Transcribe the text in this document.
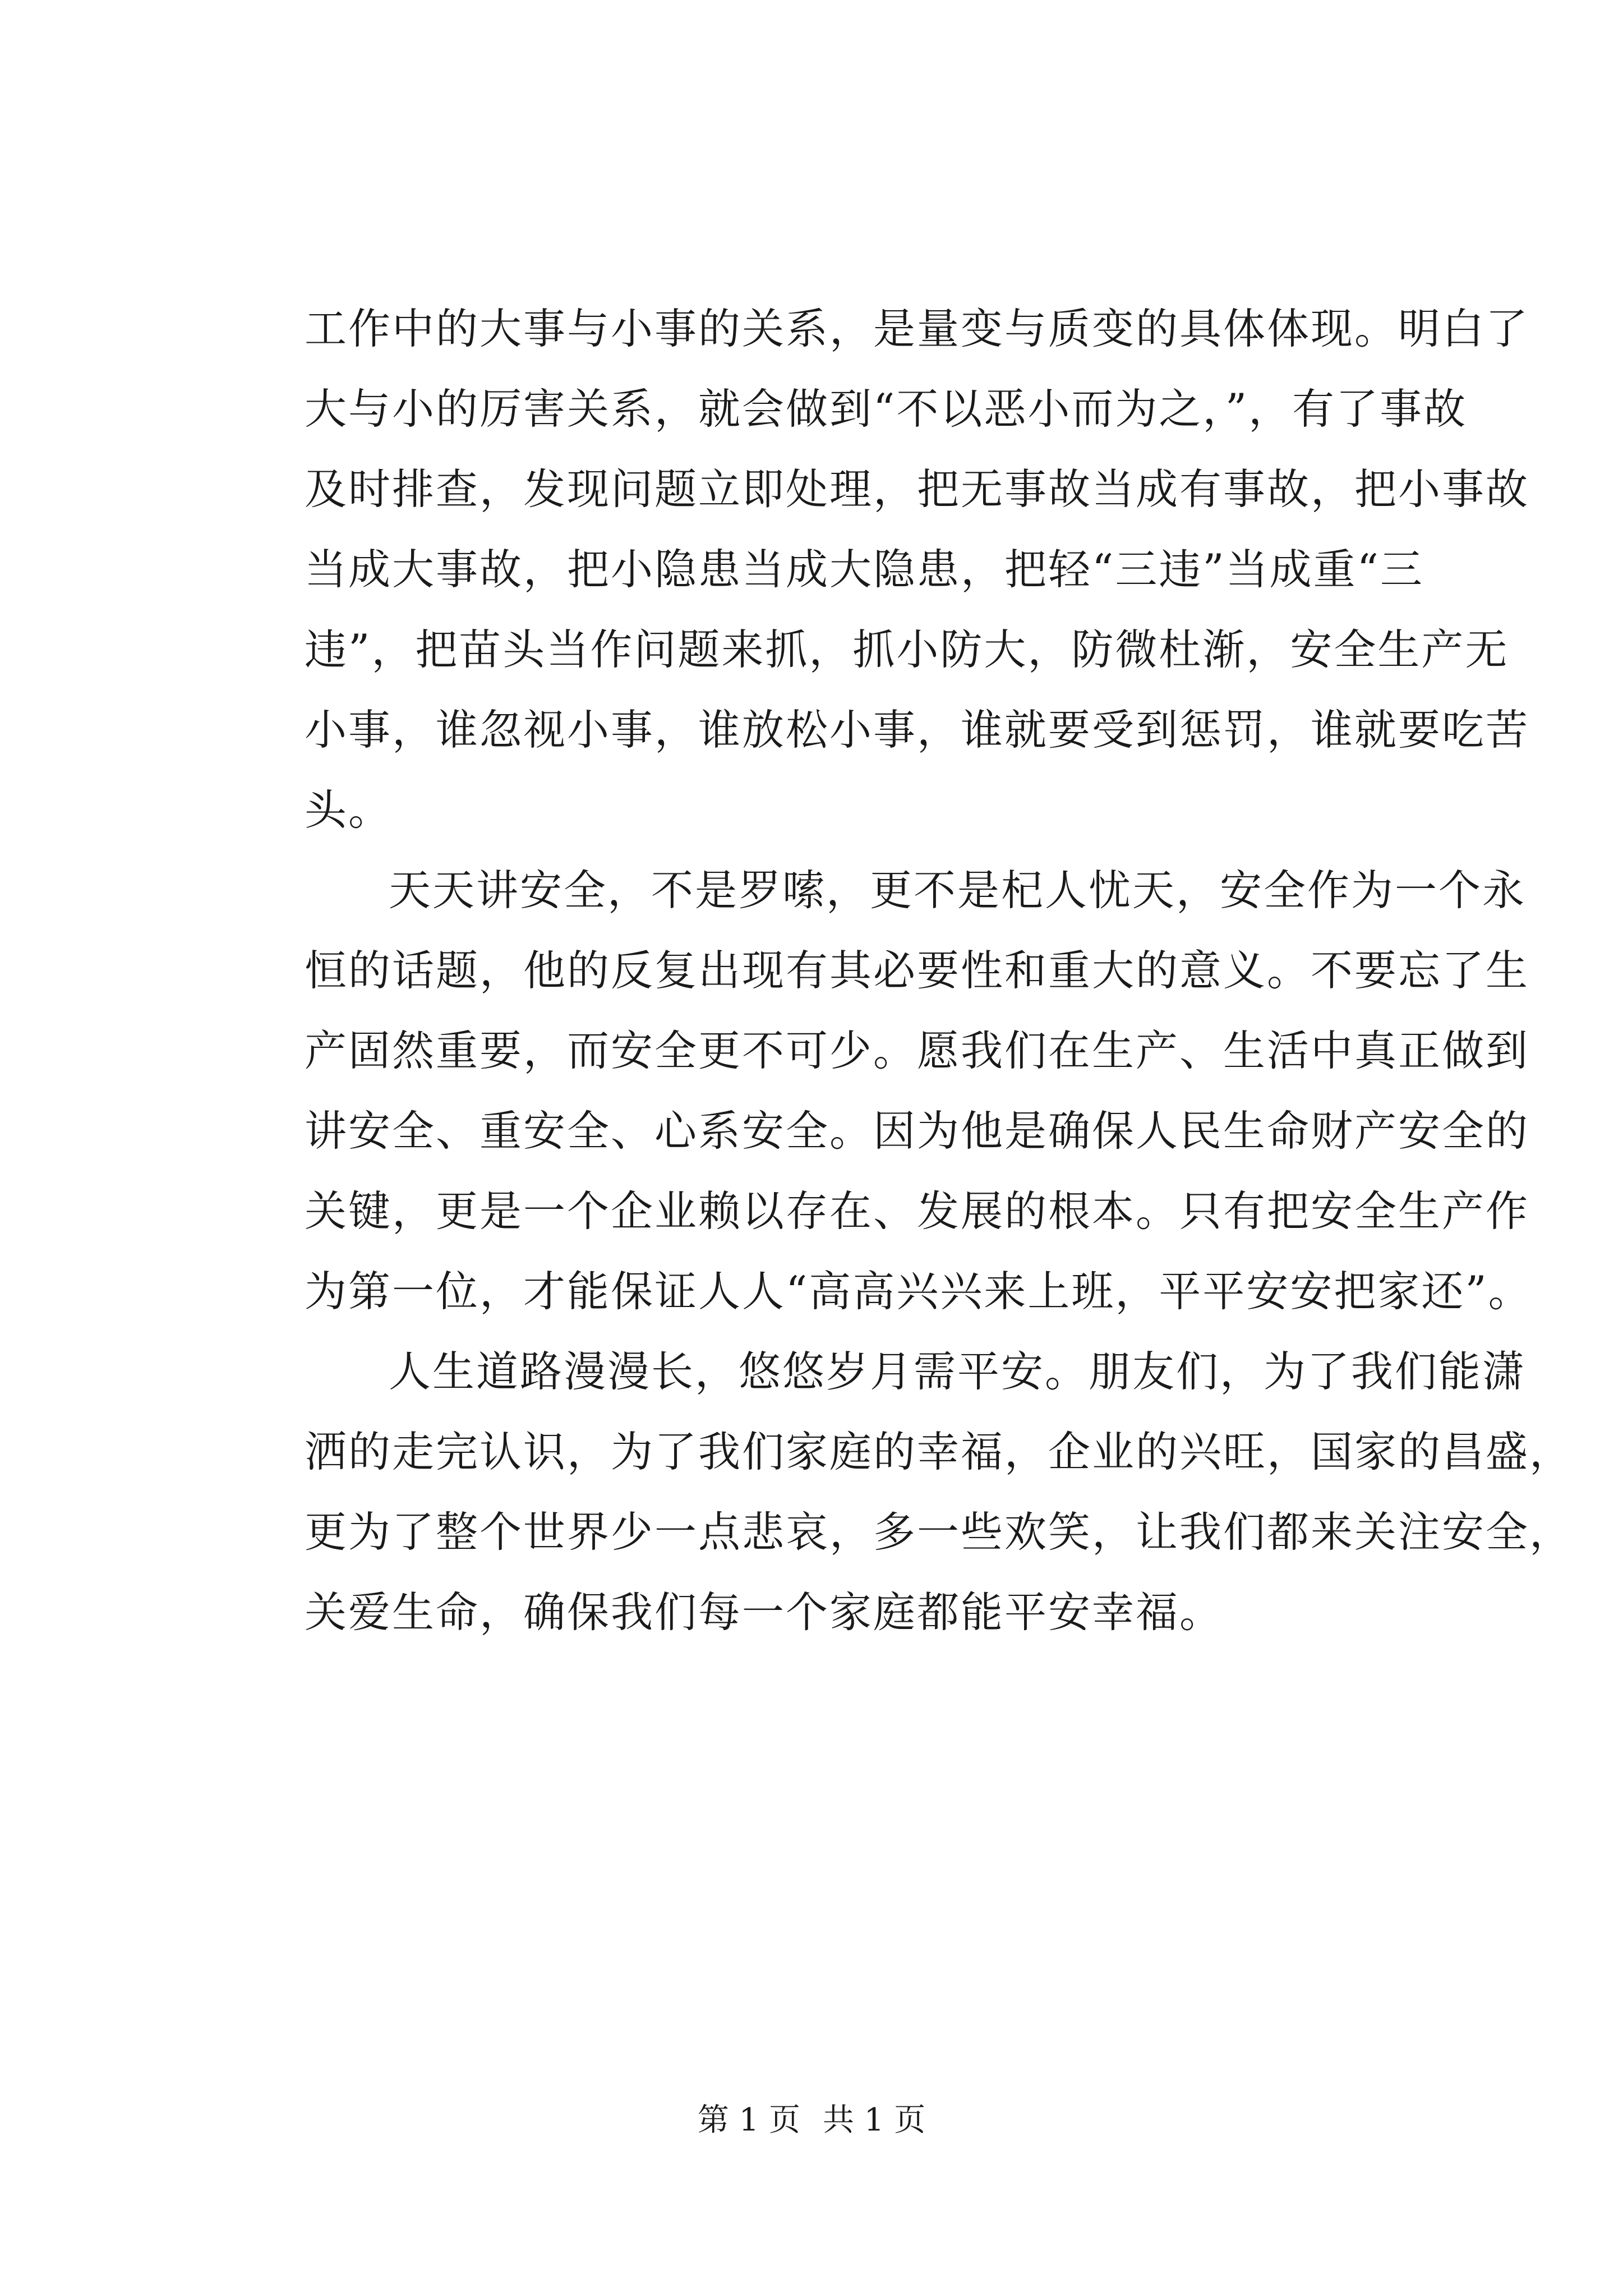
工作中的大事与小事的关系，是量变与质变的具体体现。明白了
大与小的厉害关系，就会做到“不以恶小而为之，”，有了事故
及时排查，发现问题立即处理，把无事故当成有事故，把小事故
当成大事故，把小隐患当成大隐患，把轻“三违”当成重“三
违”，把苗头当作问题来抓，抓小防大，防微杜渐，安全生产无
小事，谁忽视小事，谁放松小事，谁就要受到惩罚，谁就要吃苦
头。
天天讲安全，不是罗嗦，更不是杞人忧天，安全作为一个永
恒的话题，他的反复出现有其必要性和重大的意义。不要忘了生
产固然重要，而安全更不可少。愿我们在生产、生活中真正做到
讲安全、重安全、心系安全。因为他是确保人民生命财产安全的
关键，更是一个企业赖以存在、发展的根本。只有把安全生产作
为第一位，才能保证人人“高高兴兴来上班，平平安安把家还”。
人生道路漫漫长，悠悠岁月需平安。朋友们，为了我们能潇
洒的走完认识，为了我们家庭的幸福，企业的兴旺，国家的昌盛，
更为了整个世界少一点悲哀，多一些欢笑，让我们都来关注安全，
关爱生命，确保我们每一个家庭都能平安幸福。
第 1 页 共 1 页
